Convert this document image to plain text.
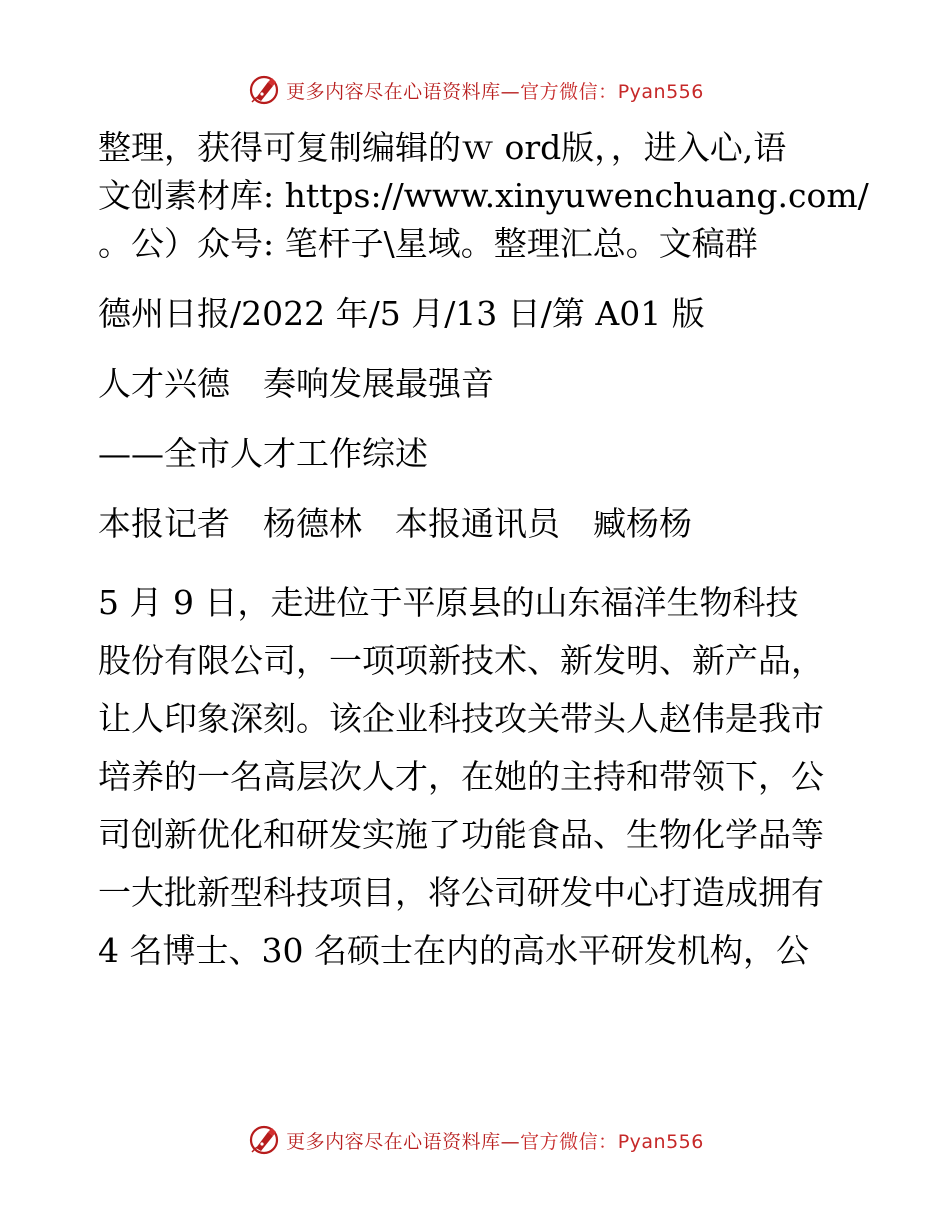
更多内容尽在心语资料库—官方微信：Pyan556

整理，获得可复制编辑的ｗ ord版，，进入心,语
文创素材库: https://www.xinyuwenchuang.com/
。公）众号: 笔杆子\星域。整理汇总。文稿群

德州日报/2022 年/5 月/13 日/第 A01 版

人才兴德　奏响发展最强音

——全市人才工作综述

本报记者　杨德林　本报通讯员　臧杨杨

5 月 9 日，走进位于平原县的山东福洋生物科技
股份有限公司，一项项新技术、新发明、新产品，
让人印象深刻。该企业科技攻关带头人赵伟是我市
培养的一名高层次人才，在她的主持和带领下，公
司创新优化和研发实施了功能食品、生物化学品等
一大批新型科技项目，将公司研发中心打造成拥有
4 名博士、30 名硕士在内的高水平研发机构，公

更多内容尽在心语资料库—官方微信：Pyan556
